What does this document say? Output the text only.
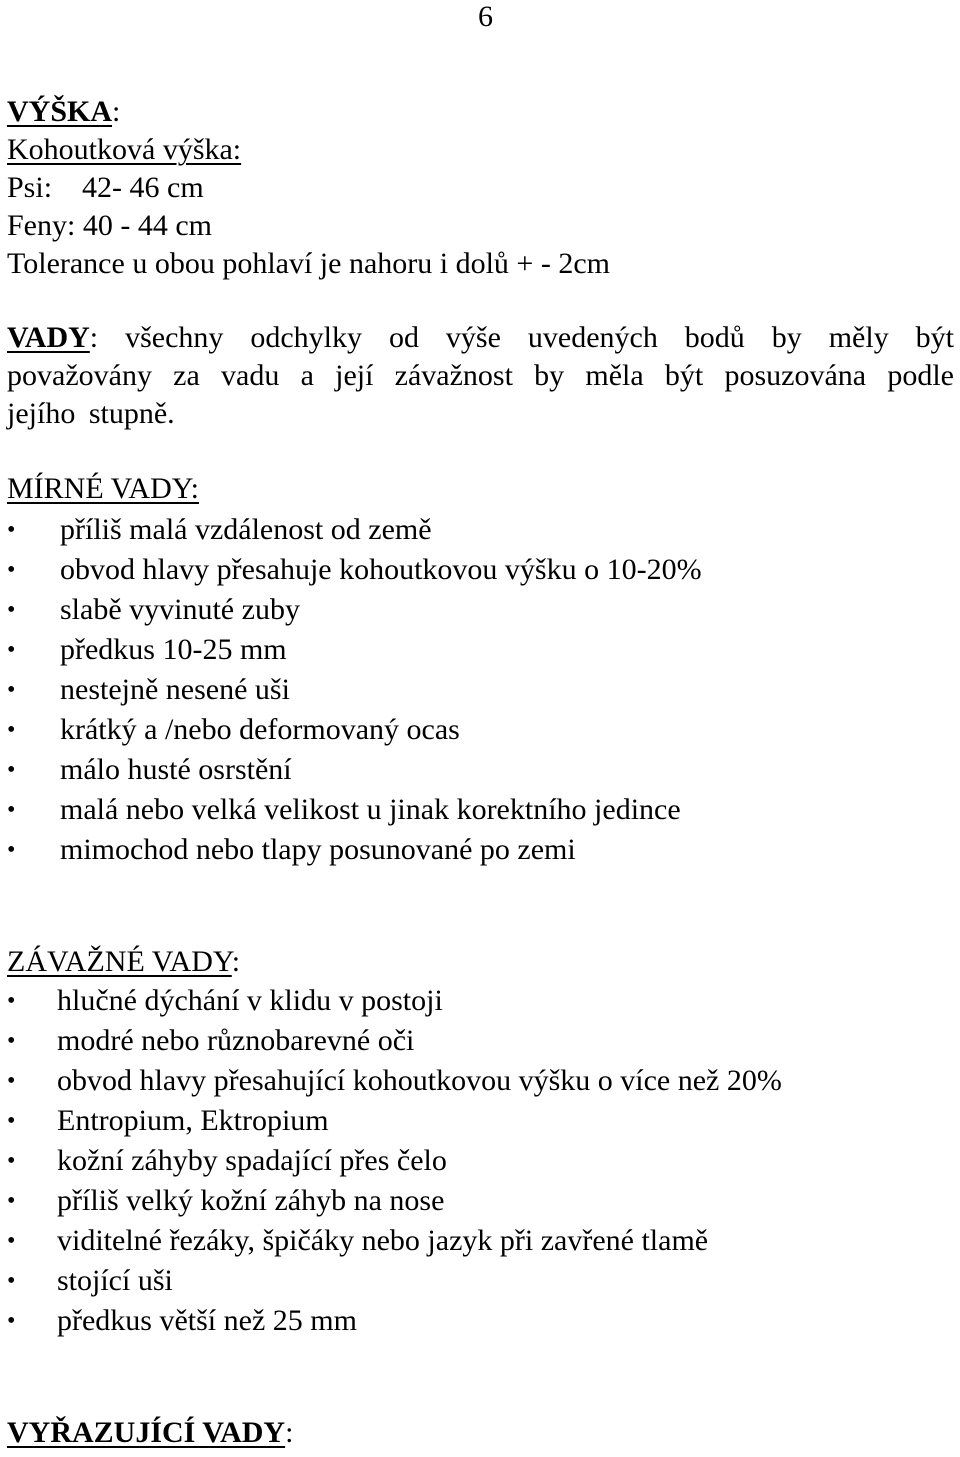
6
VÝŠKA:
Kohoutková výška:
Psi:    42- 46 cm
Feny: 40 - 44 cm
Tolerance u obou pohlaví je nahoru i dolů + - 2cm
VADY: všechny odchylky od výše uvedených bodů by měly být považovány za vadu a její závažnost by měla být posuzována podle jejího stupně.
MÍRNÉ VADY:
• příliš malá vzdálenost od země
• obvod hlavy přesahuje kohoutkovou výšku o 10-20%
• slabě vyvinuté zuby
• předkus 10-25 mm
• nestejně nesené uši
• krátký a /nebo deformovaný ocas
• málo husté osrstění
• malá nebo velká velikost u jinak korektního jedince
• mimochod nebo tlapy posunované po zemi
ZÁVAŽNÉ VADY:
• hlučné dýchání v klidu v postoji
• modré nebo různobarevné oči
• obvod hlavy přesahující kohoutkovou výšku o více než 20%
• Entropium, Ektropium
• kožní záhyby spadající přes čelo
• příliš velký kožní záhyb na nose
• viditelné řezáky, špičáky nebo jazyk při zavřené tlamě
• stojící uši
• předkus větší než 25 mm
VYŘAZUJÍCÍ VADY:
